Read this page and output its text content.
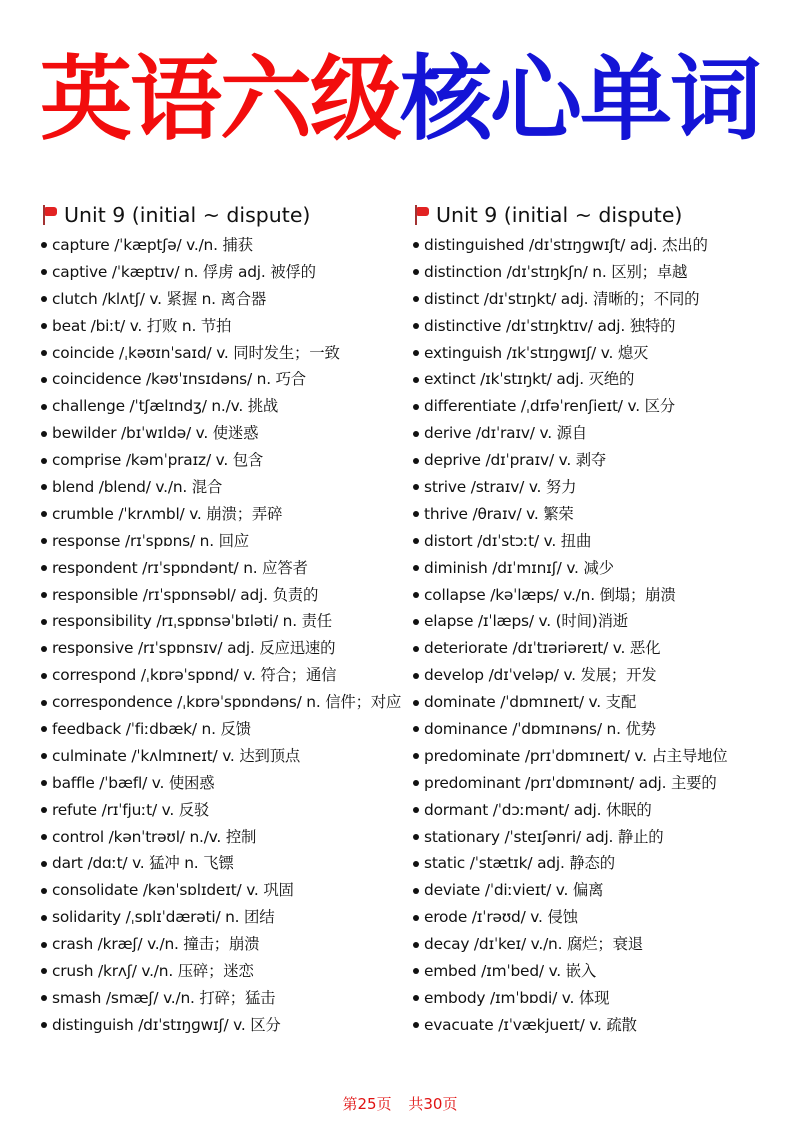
英语六级核心单词
Unit 9 (initial ~ dispute)
capture /ˈkæptʃə/ v./n. 捕获
captive /ˈkæptɪv/ n. 俘虏 adj. 被俘的
clutch /klʌtʃ/ v. 紧握 n. 离合器
beat /biːt/ v. 打败 n. 节拍
coincide /ˌkəʊɪnˈsaɪd/ v. 同时发生；一致
coincidence /kəʊˈɪnsɪdəns/ n. 巧合
challenge /ˈtʃælɪndʒ/ n./v. 挑战
bewilder /bɪˈwɪldə/ v. 使迷惑
comprise /kəmˈpraɪz/ v. 包含
blend /blend/ v./n. 混合
crumble /ˈkrʌmbl/ v. 崩溃；弄碎
response /rɪˈspɒns/ n. 回应
respondent /rɪˈspɒndənt/ n. 应答者
responsible /rɪˈspɒnsəbl/ adj. 负责的
responsibility /rɪˌspɒnsəˈbɪləti/ n. 责任
responsive /rɪˈspɒnsɪv/ adj. 反应迅速的
correspond /ˌkɒrəˈspɒnd/ v. 符合；通信
correspondence /ˌkɒrəˈspɒndəns/ n. 信件；对应
feedback /ˈfiːdbæk/ n. 反馈
culminate /ˈkʌlmɪneɪt/ v. 达到顶点
baffle /ˈbæfl/ v. 使困惑
refute /rɪˈfjuːt/ v. 反驳
control /kənˈtrəʊl/ n./v. 控制
dart /dɑːt/ v. 猛冲 n. 飞镖
consolidate /kənˈsɒlɪdeɪt/ v. 巩固
solidarity /ˌsɒlɪˈdærəti/ n. 团结
crash /kræʃ/ v./n. 撞击；崩溃
crush /krʌʃ/ v./n. 压碎；迷恋
smash /smæʃ/ v./n. 打碎；猛击
distinguish /dɪˈstɪŋɡwɪʃ/ v. 区分
Unit 9 (initial ~ dispute)
distinguished /dɪˈstɪŋɡwɪʃt/ adj. 杰出的
distinction /dɪˈstɪŋkʃn/ n. 区别；卓越
distinct /dɪˈstɪŋkt/ adj. 清晰的；不同的
distinctive /dɪˈstɪŋktɪv/ adj. 独特的
extinguish /ɪkˈstɪŋɡwɪʃ/ v. 熄灭
extinct /ɪkˈstɪŋkt/ adj. 灭绝的
differentiate /ˌdɪfəˈrenʃieɪt/ v. 区分
derive /dɪˈraɪv/ v. 源自
deprive /dɪˈpraɪv/ v. 剥夺
strive /straɪv/ v. 努力
thrive /θraɪv/ v. 繁荣
distort /dɪˈstɔːt/ v. 扭曲
diminish /dɪˈmɪnɪʃ/ v. 减少
collapse /kəˈlæps/ v./n. 倒塌；崩溃
elapse /ɪˈlæps/ v. (时间)消逝
deteriorate /dɪˈtɪəriəreɪt/ v. 恶化
develop /dɪˈveləp/ v. 发展；开发
dominate /ˈdɒmɪneɪt/ v. 支配
dominance /ˈdɒmɪnəns/ n. 优势
predominate /prɪˈdɒmɪneɪt/ v. 占主导地位
predominant /prɪˈdɒmɪnənt/ adj. 主要的
dormant /ˈdɔːmənt/ adj. 休眠的
stationary /ˈsteɪʃənri/ adj. 静止的
static /ˈstætɪk/ adj. 静态的
deviate /ˈdiːvieɪt/ v. 偏离
erode /ɪˈrəʊd/ v. 侵蚀
decay /dɪˈkeɪ/ v./n. 腐烂；衰退
embed /ɪmˈbed/ v. 嵌入
embody /ɪmˈbɒdi/ v. 体现
evacuate /ɪˈvækjueɪt/ v. 疏散
第25页 共30页
